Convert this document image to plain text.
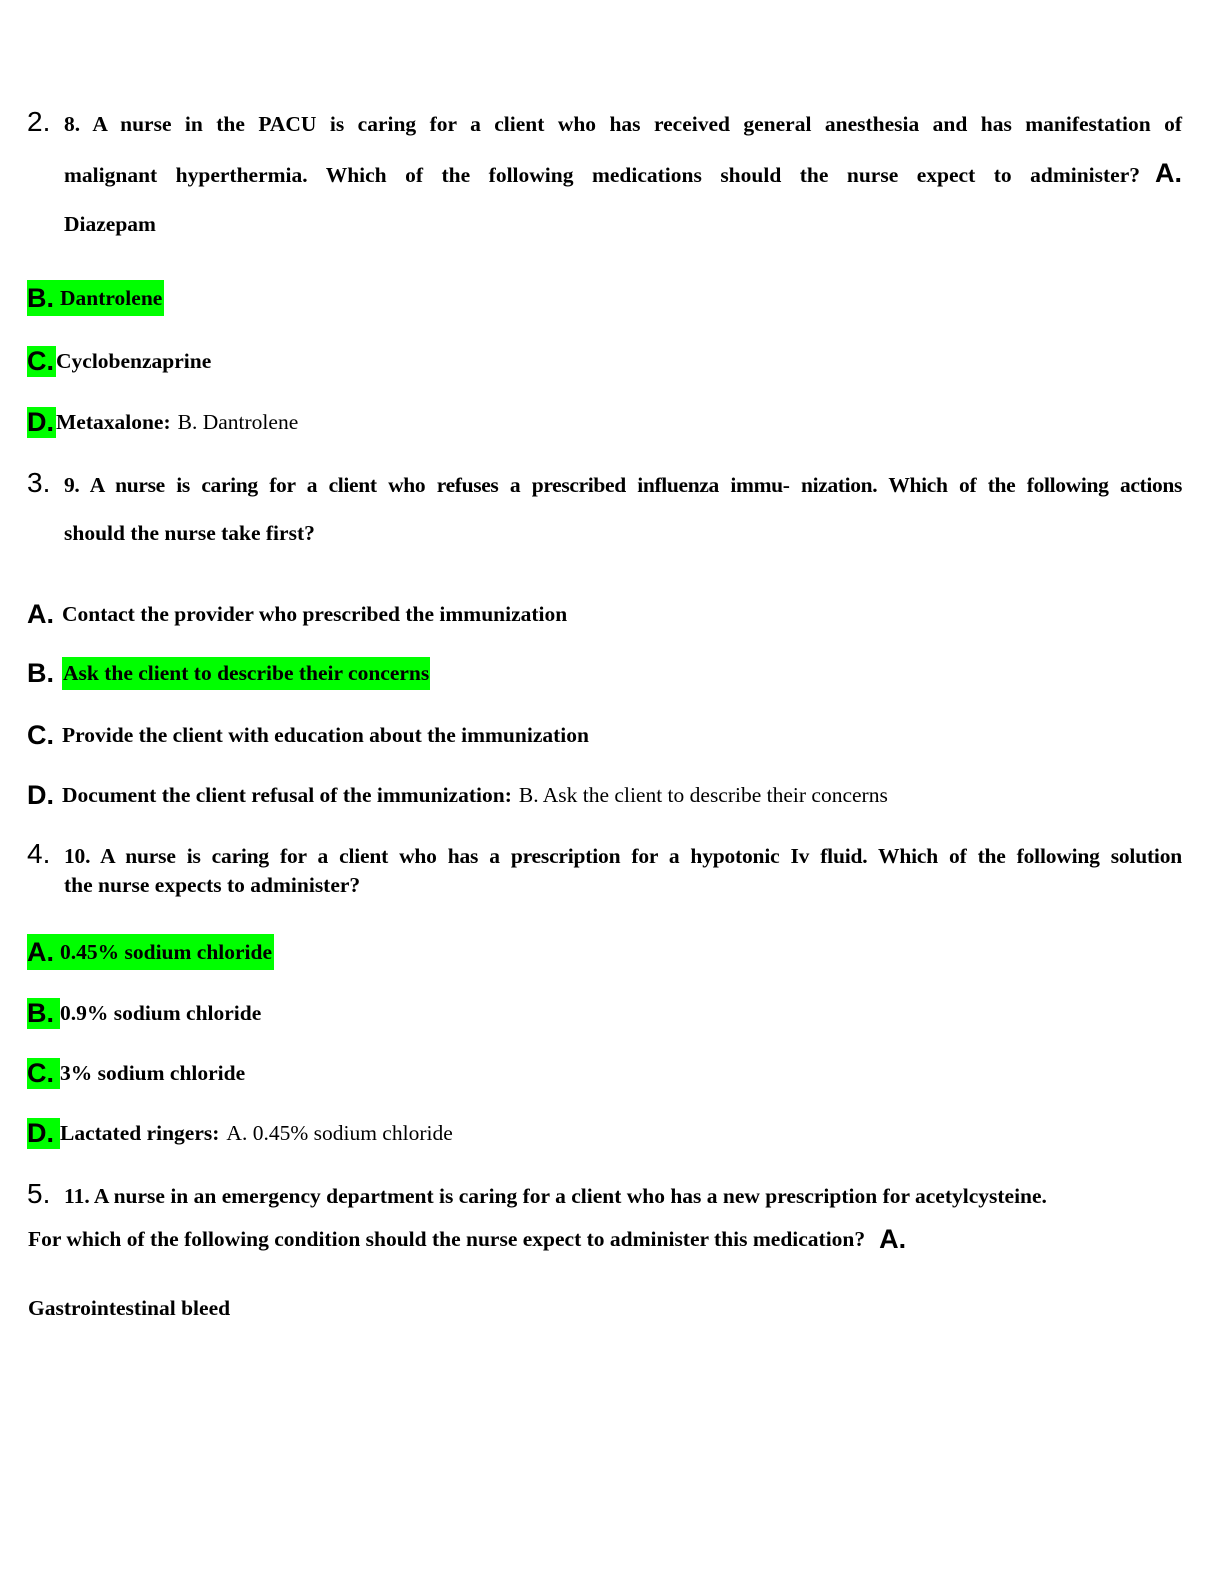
2. 8. A nurse in the PACU is caring for a client who has received general anesthesia and has manifestation of
malignant hyperthermia. Which of the following medications should the nurse expect to administer? A.
Diazepam
B. Dantrolene
C. Cyclobenzaprine
D. Metaxalone: B. Dantrolene
3. 9. A nurse is caring for a client who refuses a prescribed influenza immu- nization. Which of the following actions
should the nurse take first?
A. Contact the provider who prescribed the immunization
B. Ask the client to describe their concerns
C. Provide the client with education about the immunization
D. Document the client refusal of the immunization: B. Ask the client to describe their concerns
4. 10. A nurse is caring for a client who has a prescription for a hypotonic Iv fluid. Which of the following solution
the nurse expects to administer?
A. 0.45% sodium chloride
B. 0.9% sodium chloride
C. 3% sodium chloride
D. Lactated ringers: A. 0.45% sodium chloride
5. 11. A nurse in an emergency department is caring for a client who has a new prescription for acetylcysteine.
For which of the following condition should the nurse expect to administer this medication? A.
Gastrointestinal bleed
